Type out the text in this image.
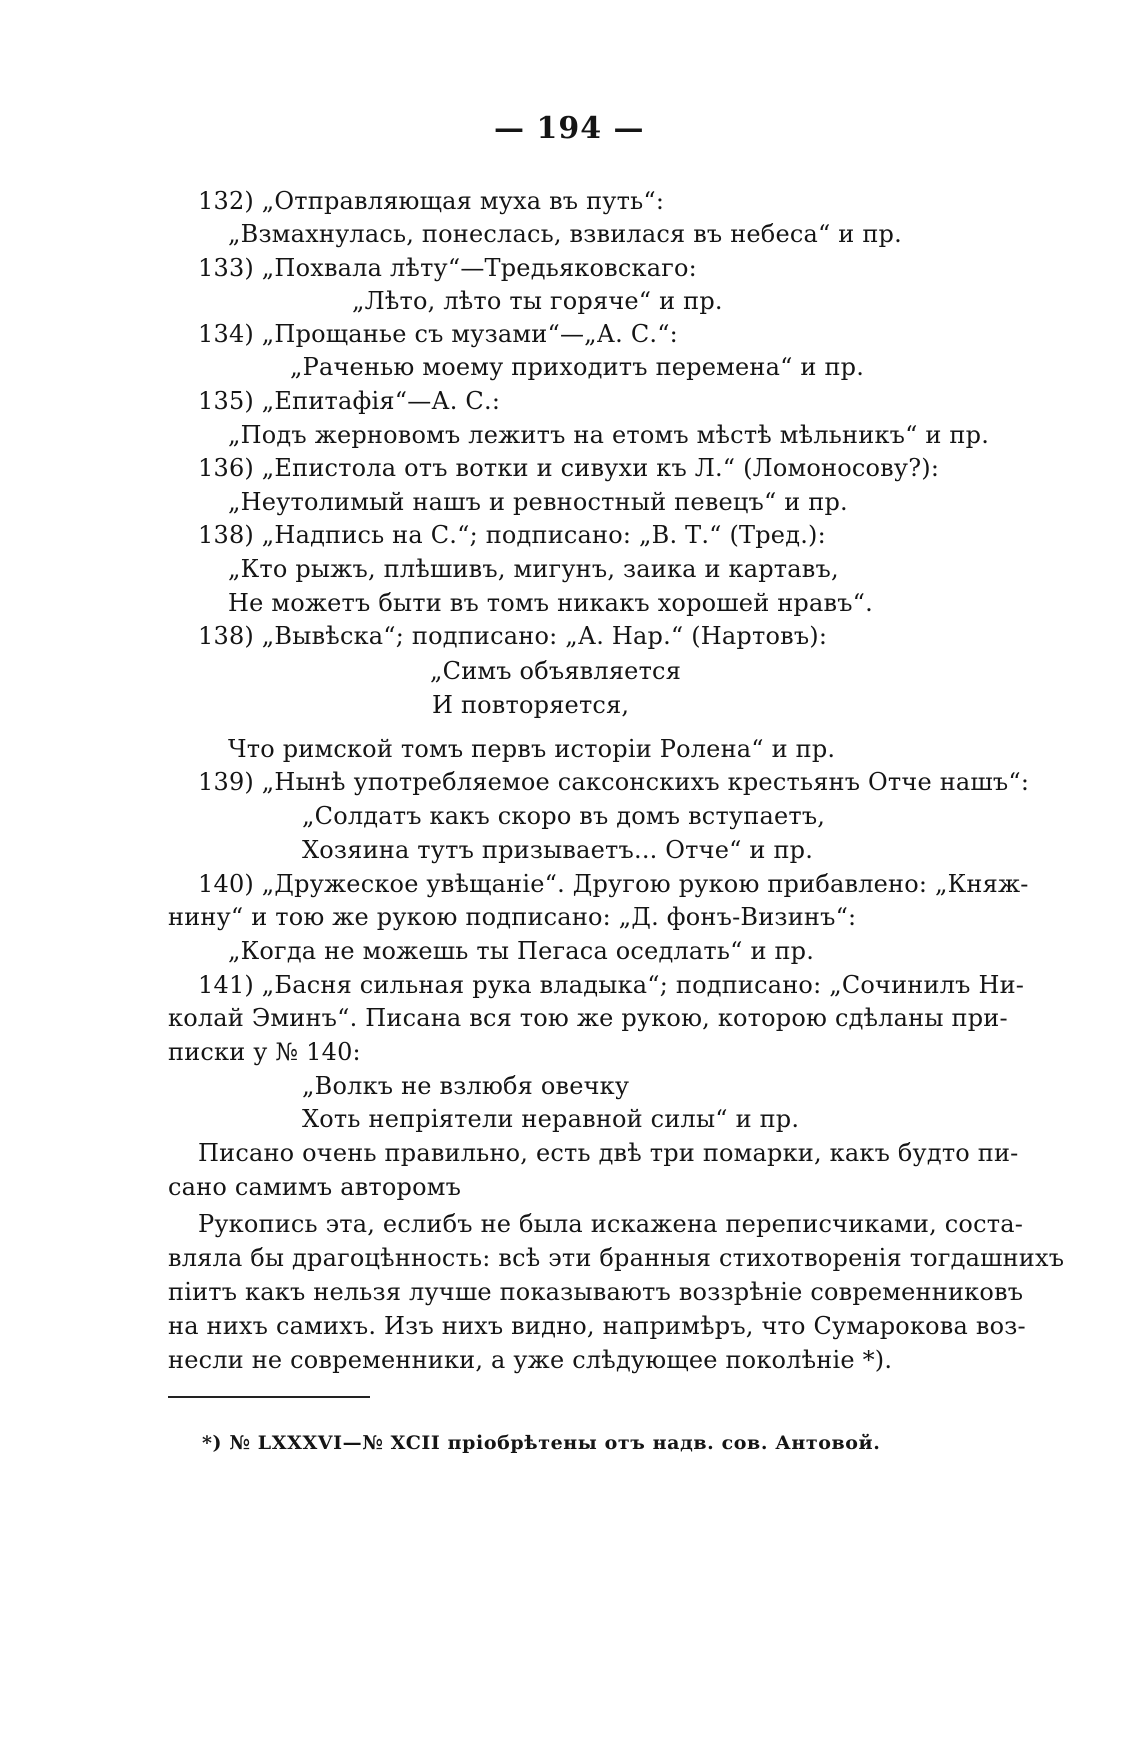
— 194 —
132) „Отправляющая муха въ путь“:
„Взмахнулась, понеслась, взвилася въ небеса“ и пр.
133) „Похвала лѣту“—Тредьяковскаго:
„Лѣто, лѣто ты горяче“ и пр.
134) „Прощанье съ музами“—„А. С.“:
„Раченью моему приходитъ перемена“ и пр.
135) „Епитафія“—А. С.:
„Подъ жерновомъ лежитъ на етомъ мѣстѣ мѣльникъ“ и пр.
136) „Епистола отъ вотки и сивухи къ Л.“ (Ломоносову?):
„Неутолимый нашъ и ревностный певецъ“ и пр.
138) „Надпись на С.“; подписано: „В. Т.“ (Тред.):
„Кто рыжъ, плѣшивъ, мигунъ, заика и картавъ,
Не можетъ быти въ томъ никакъ хорошей нравъ“.
138) „Вывѣска“; подписано: „А. Нар.“ (Нартовъ):
„Симъ объявляется
И повторяется,
Что римской томъ первъ исторіи Ролена“ и пр.
139) „Нынѣ употребляемое саксонскихъ крестьянъ Отче нашъ“:
„Солдатъ какъ скоро въ домъ вступаетъ,
Хозяина тутъ призываетъ... Отче“ и пр.
140) „Дружеское увѣщаніе“. Другою рукою прибавлено: „Княж-
нину“ и тою же рукою подписано: „Д. фонъ-Визинъ“:
„Когда не можешь ты Пегаса оседлать“ и пр.
141) „Басня сильная рука владыка“; подписано: „Сочинилъ Ни-
колай Эминъ“. Писана вся тою же рукою, которою сдѣланы при-
писки у № 140:
„Волкъ не взлюбя овечку
Хоть непріятели неравной силы“ и пр.
Писано очень правильно, есть двѣ три помарки, какъ будто пи-
сано самимъ авторомъ
Рукопись эта, еслибъ не была искажена переписчиками, соста-
вляла бы драгоцѣнность: всѣ эти бранныя стихотворенія тогдашнихъ
піитъ какъ нельзя лучше показываютъ воззрѣніе современниковъ
на нихъ самихъ. Изъ нихъ видно, напримѣръ, что Сумарокова воз-
несли не современники, а уже слѣдующее поколѣніе *).
*) № LXXXVI—№ XCII пріобрѣтены отъ надв. сов. Антовой.
